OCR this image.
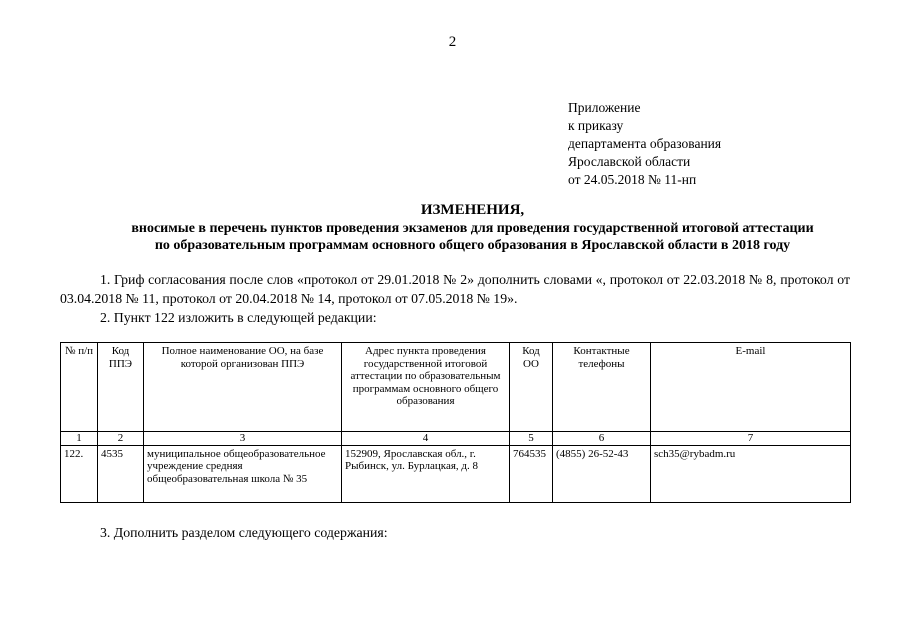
2
Приложение
к приказу
департамента образования
Ярославской области
от 24.05.2018 № 11-нп
ИЗМЕНЕНИЯ,
вносимые в перечень пунктов проведения экзаменов для проведения государственной итоговой аттестации
по образовательным программам основного общего образования в Ярославской области в 2018 году

1. Гриф согласования после слов «протокол от 29.01.2018 № 2» дополнить словами «, протокол от 22.03.2018 № 8, протокол от 03.04.2018 № 11, протокол от 20.04.2018 № 14, протокол от 07.05.2018 № 19».

2. Пункт 122 изложить в следующей редакции:

№ п/п	Код ППЭ	Полное наименование ОО, на базе которой организован ППЭ	Адрес пункта проведения государственной итоговой аттестации по образовательным программам основного общего образования	Код ОО	Контактные телефоны	E-mail
1	2	3	4	5	6	7
122.	4535	муниципальное общеобразовательное учреждение средняя общеобразовательная школа № 35	152909, Ярославская обл., г. Рыбинск, ул. Бурлацкая, д. 8	764535	(4855) 26-52-43	sch35@rybadm.ru
3. Дополнить разделом следующего содержания:
